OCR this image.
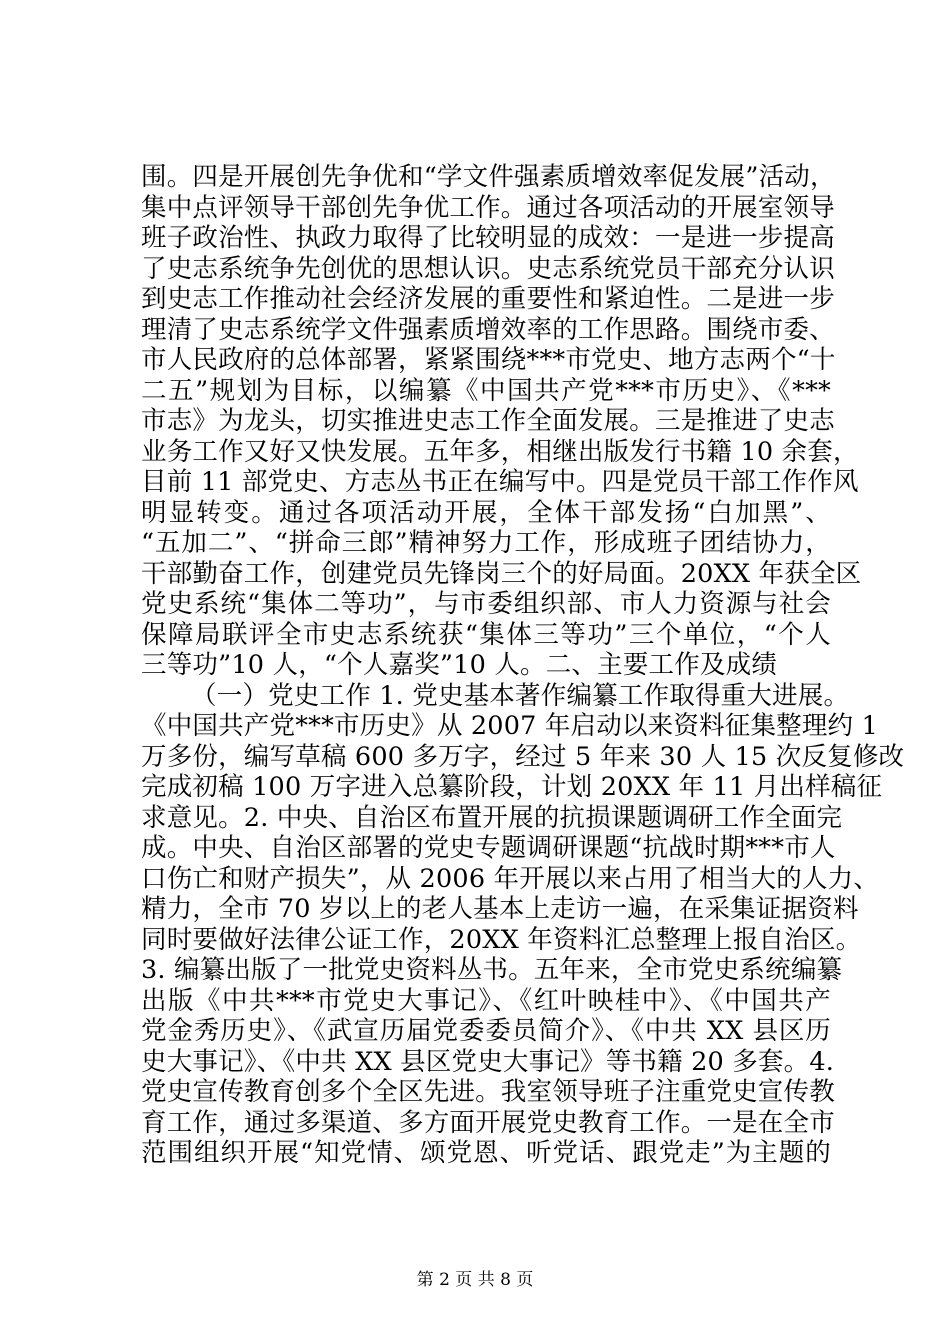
围。四是开展创先争优和“学文件强素质增效率促发展”活动，
集中点评领导干部创先争优工作。通过各项活动的开展室领导
班子政治性、执政力取得了比较明显的成效：一是进一步提高
了史志系统争先创优的思想认识。史志系统党员干部充分认识
到史志工作推动社会经济发展的重要性和紧迫性。二是进一步
理清了史志系统学文件强素质增效率的工作思路。围绕市委、
市人民政府的总体部署，紧紧围绕***市党史、地方志两个“十
二五”规划为目标，以编纂《中国共产党***市历史》、《***
市志》为龙头，切实推进史志工作全面发展。三是推进了史志
业务工作又好又快发展。五年多，相继出版发行书籍 10 余套，
目前 11 部党史、方志丛书正在编写中。四是党员干部工作作风
明显转变。通过各项活动开展，全体干部发扬“白加黑”、
“五加二”、“拼命三郎”精神努力工作，形成班子团结协力，
干部勤奋工作，创建党员先锋岗三个的好局面。20XX 年获全区
党史系统“集体二等功”，与市委组织部、市人力资源与社会
保障局联评全市史志系统获“集体三等功”三个单位，“个人
三等功”10 人，“个人嘉奖”10 人。二、主要工作及成绩
（一）党史工作 1. 党史基本著作编纂工作取得重大进展。
《中国共产党***市历史》从 2007 年启动以来资料征集整理约 1
万多份，编写草稿 600 多万字，经过 5 年来 30 人 15 次反复修改
完成初稿 100 万字进入总纂阶段，计划 20XX 年 11 月出样稿征
求意见。2. 中央、自治区布置开展的抗损课题调研工作全面完
成。中央、自治区部署的党史专题调研课题“抗战时期***市人
口伤亡和财产损失”，从 2006 年开展以来占用了相当大的人力、
精力，全市 70 岁以上的老人基本上走访一遍，在采集证据资料
同时要做好法律公证工作，20XX 年资料汇总整理上报自治区。
3. 编纂出版了一批党史资料丛书。五年来，全市党史系统编纂
出版《中共***市党史大事记》、《红叶映桂中》、《中国共产
党金秀历史》、《武宣历届党委委员简介》、《中共 XX 县区历
史大事记》、《中共 XX 县区党史大事记》等书籍 20 多套。4.
党史宣传教育创多个全区先进。我室领导班子注重党史宣传教
育工作，通过多渠道、多方面开展党史教育工作。一是在全市
范围组织开展“知党情、颂党恩、听党话、跟党走”为主题的
第 2 页 共 8 页
